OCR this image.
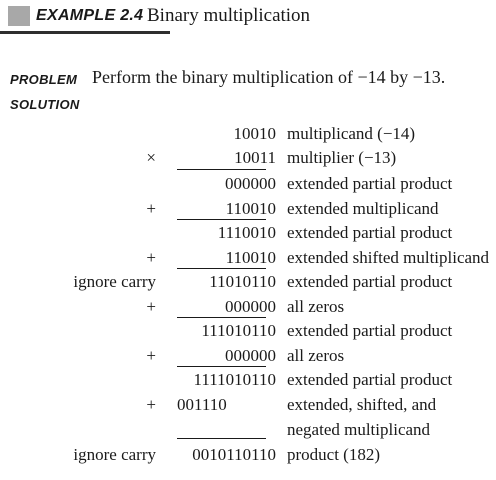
EXAMPLE 2.4 Binary multiplication
PROBLEM Perform the binary multiplication of −14 by −13.
SOLUTION
10010 multiplicand (−14)
×	10011 multiplier (−13)
000000 extended partial product
+	110010 extended multiplicand
1110010 extended partial product
+	110010 extended shifted multiplicand
ignore carry	11010110 extended partial product
+	000000 all zeros
111010110 extended partial product
+	000000 all zeros
1111010110 extended partial product
+ 001110	extended, shifted, and
negated multiplicand
ignore carry 0010110110 product (182)
